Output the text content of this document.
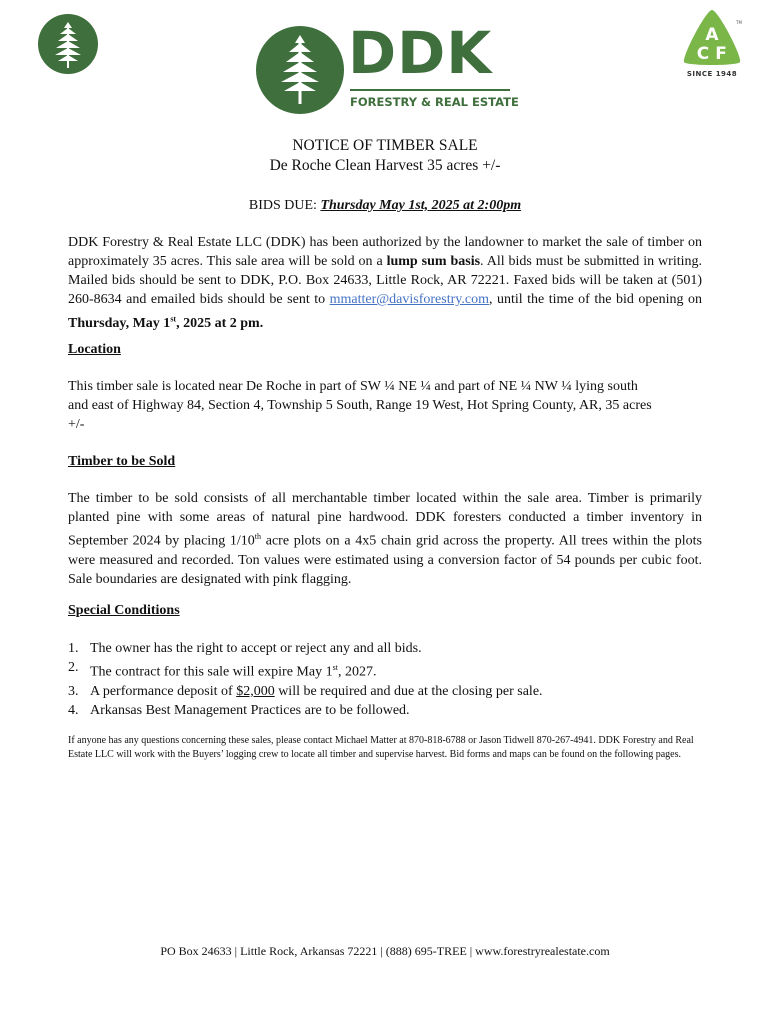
DDK
FORESTRY & REAL ESTATE
A
C F
TM
SINCE 1948
NOTICE OF TIMBER SALE
De Roche Clean Harvest 35 acres +/-
BIDS DUE: Thursday May 1st, 2025 at 2:00pm
DDK Forestry & Real Estate LLC (DDK) has been authorized by the landowner to market the sale of timber on approximately 35 acres. This sale area will be sold on a lump sum basis. All bids must be submitted in writing. Mailed bids should be sent to DDK, P.O. Box 24633, Little Rock, AR 72221. Faxed bids will be taken at (501) 260-8634 and emailed bids should be sent to mmatter@davisforestry.com, until the time of the bid opening on Thursday, May 1st, 2025 at 2 pm.
Location
This timber sale is located near De Roche in part of SW ¼ NE ¼ and part of NE ¼ NW ¼ lying south and east of Highway 84, Section 4, Township 5 South, Range 19 West, Hot Spring County, AR, 35 acres +/-
Timber to be Sold
The timber to be sold consists of all merchantable timber located within the sale area. Timber is primarily planted pine with some areas of natural pine hardwood. DDK foresters conducted a timber inventory in September 2024 by placing 1/10th acre plots on a 4x5 chain grid across the property. All trees within the plots were measured and recorded. Ton values were estimated using a conversion factor of 54 pounds per cubic foot. Sale boundaries are designated with pink flagging.
Special Conditions
1. The owner has the right to accept or reject any and all bids.
2. The contract for this sale will expire May 1st, 2027.
3. A performance deposit of $2,000 will be required and due at the closing per sale.
4. Arkansas Best Management Practices are to be followed.
If anyone has any questions concerning these sales, please contact Michael Matter at 870-818-6788 or Jason Tidwell 870-267-4941. DDK Forestry and Real Estate LLC will work with the Buyers’ logging crew to locate all timber and supervise harvest. Bid forms and maps can be found on the following pages.
PO Box 24633 | Little Rock, Arkansas 72221 | (888) 695-TREE | www.forestryrealestate.com
